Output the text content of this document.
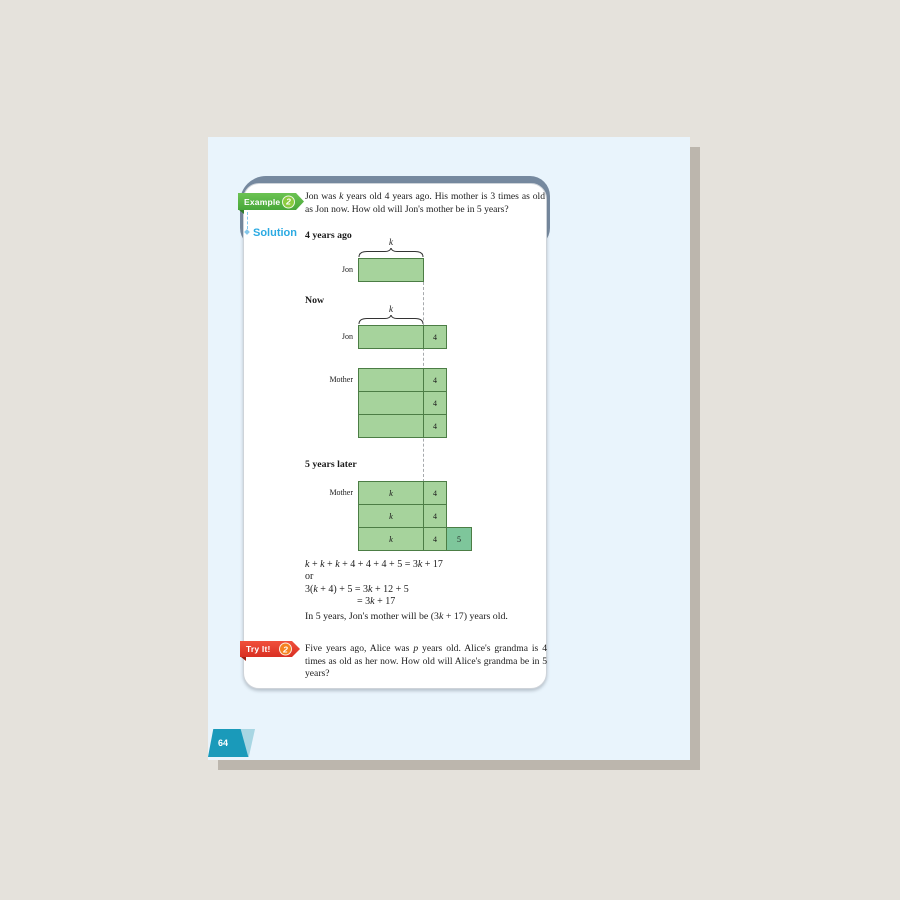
Example 2
Solution
Jon was k years old 4 years ago. His mother is 3 times as old as Jon now. How old will Jon's mother be in 5 years?
4 years ago
k
Jon
Now
k
Jon	4
Mother	4
4
4
5 years later
Mother	k	4
k	4
k	4	5
k + k + k + 4 + 4 + 4 + 5 = 3k + 17
or
3(k + 4) + 5 = 3k + 12 + 5
= 3k + 17
In 5 years, Jon's mother will be (3k + 17) years old.
Try It!	2	Five years ago, Alice was p years old. Alice's grandma is 4 times as old as her now. How old will Alice's grandma be in 5 years?
64
